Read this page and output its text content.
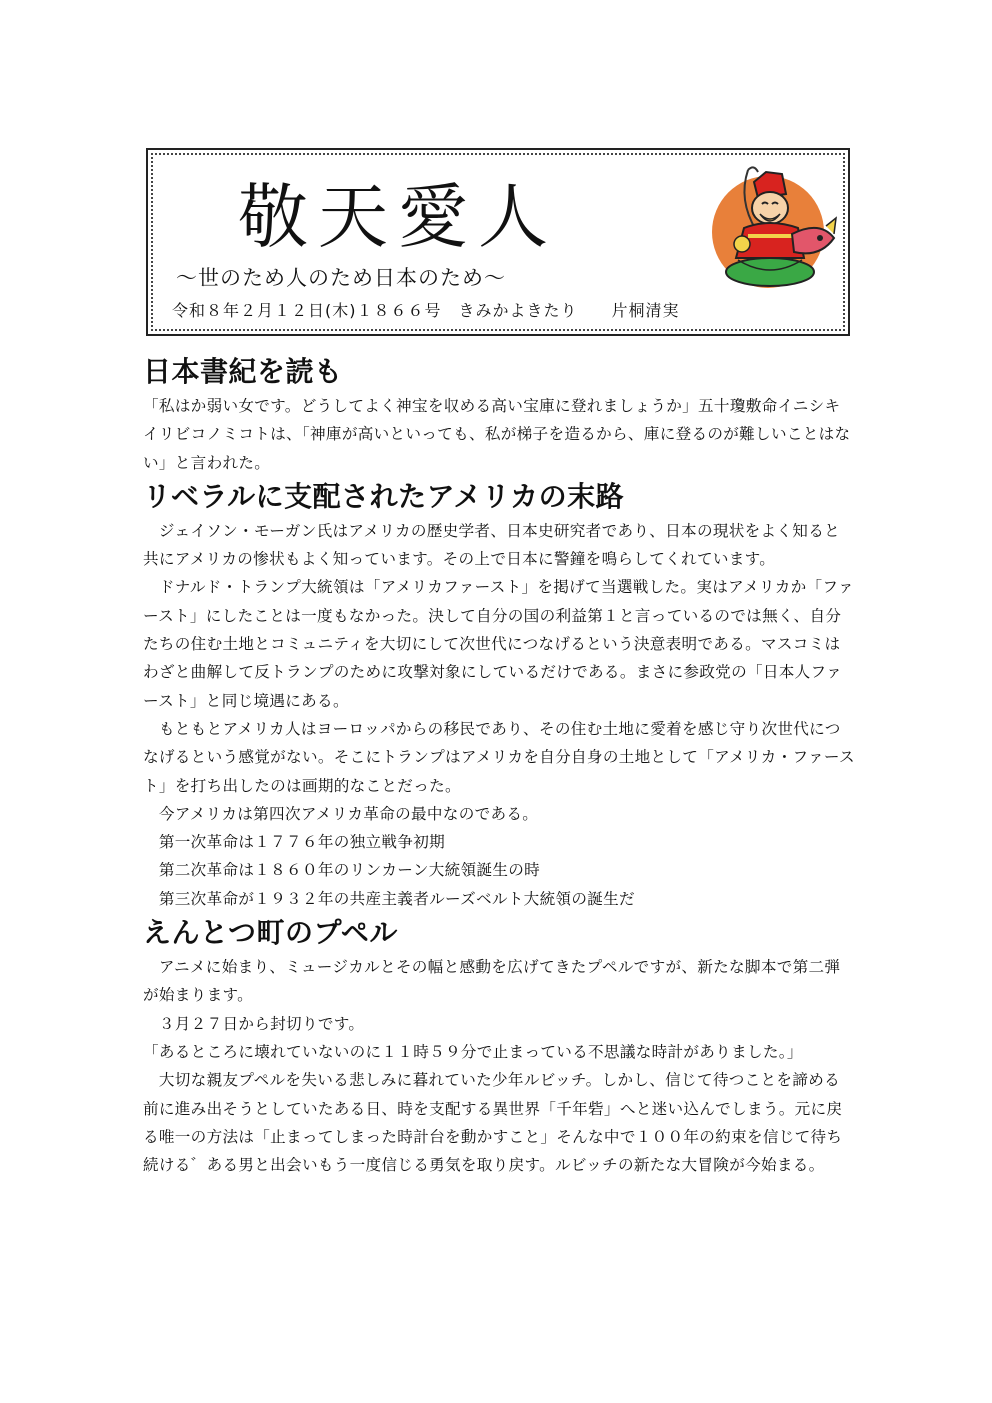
敬天愛人
～世のため人のため日本のため～
令和８年２月１２日(木)１８６６号　きみかよきたり　　片桐清実
日本書紀を読も

「私はか弱い女です。どうしてよく神宝を収める高い宝庫に登れましょうか」五十瓊敷命イニシキイリビコノミコトは、「神庫が高いといっても、私が梯子を造るから、庫に登るのが難しいことはない」と言われた。

リベラルに支配されたアメリカの末路

　ジェイソン・モーガン氏はアメリカの歴史学者、日本史研究者であり、日本の現状をよく知ると共にアメリカの惨状もよく知っています。その上で日本に警鐘を鳴らしてくれています。

　ドナルド・トランプ大統領は「アメリカファースト」を掲げて当選戦した。実はアメリカか「ファースト」にしたことは一度もなかった。決して自分の国の利益第１と言っているのでは無く、自分たちの住む土地とコミュニティを大切にして次世代につなげるという決意表明である。マスコミはわざと曲解して反トランプのために攻撃対象にしているだけである。まさに参政党の「日本人ファースト」と同じ境遇にある。

　もともとアメリカ人はヨーロッパからの移民であり、その住む土地に愛着を感じ守り次世代につなげるという感覚がない。そこにトランプはアメリカを自分自身の土地として「アメリカ・ファースト」を打ち出したのは画期的なことだった。

　今アメリカは第四次アメリカ革命の最中なのである。

　第一次革命は１７７６年の独立戦争初期

　第二次革命は１８６０年のリンカーン大統領誕生の時

　第三次革命が１９３２年の共産主義者ルーズベルト大統領の誕生だ

えんとつ町のプペル

　アニメに始まり、ミュージカルとその幅と感動を広げてきたプペルですが、新たな脚本で第二弾が始まります。

　３月２７日から封切りです。

「あるところに壊れていないのに１１時５９分で止まっている不思議な時計がありました。」

　大切な親友プペルを失いる悲しみに暮れていた少年ルビッチ。しかし、信じて待つことを諦める前に進み出そうとしていたある日、時を支配する異世界「千年砦」へと迷い込んでしまう。元に戻る唯一の方法は「止まってしまった時計台を動かすこと」そんな中で１００年の約束を信じて待ち続ける゛ある男と出会いもう一度信じる勇気を取り戻す。ルビッチの新たな大冒険が今始まる。
